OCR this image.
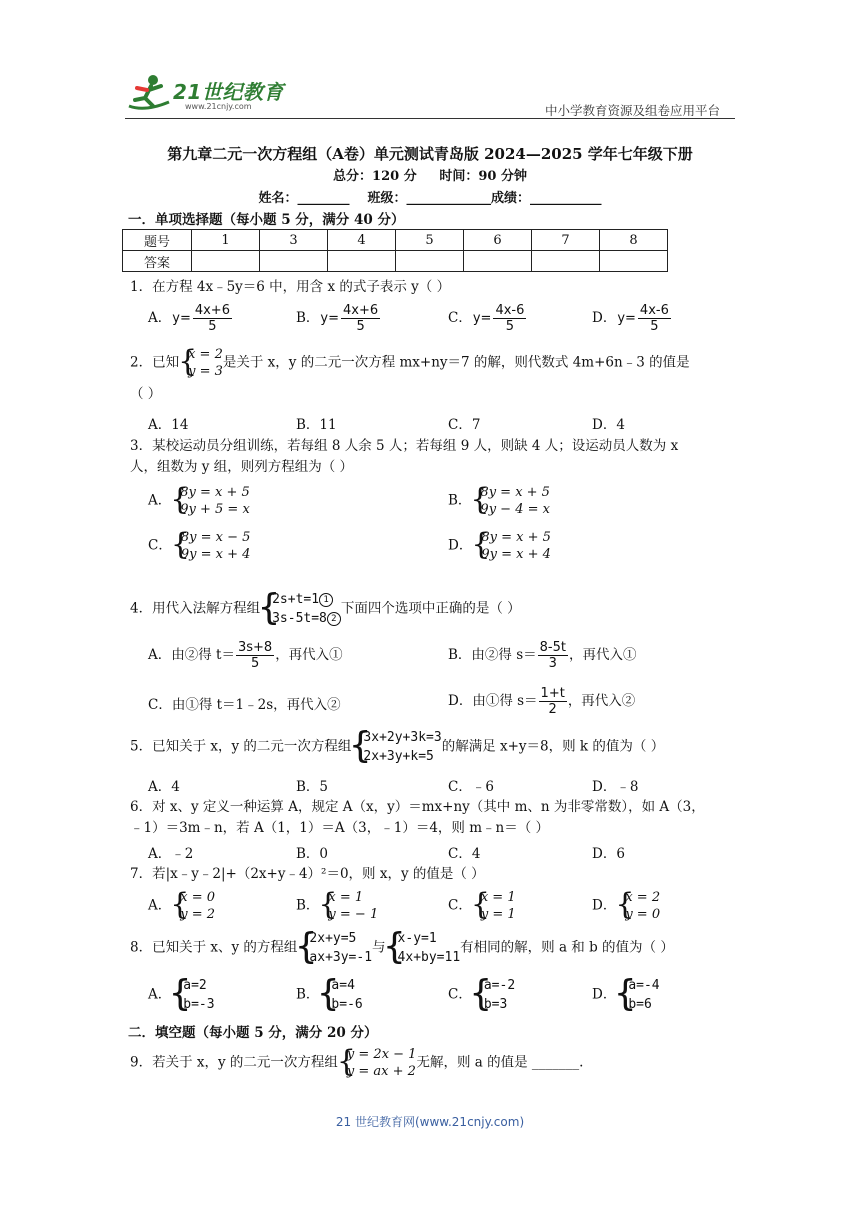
21世纪教育
www.21cnjy.com	中小学教育资源及组卷应用平台
第九章二元一次方程组（A卷）单元测试青岛版 2024—2025 学年七年级下册
总分：120 分     时间：90 分钟
姓名：________    班级：_____________成绩：___________
一．单项选择题（每小题 5 分，满分 40 分）
题号	1	3	4	5	6	7	8
答案							
1．在方程 4x﹣5y＝6 中，用含 x 的式子表示 y（ ）
A．$y= \frac{4x+6}{5}$	B．$y= \frac{4x+6}{5}$	C．$y= \frac{4x-6}{5}$	D．$y= \frac{4x-6}{5}$
2．已知 { x = 2
y = 3
是关于 x，y 的二元一次方程 mx+ny＝7 的解，则代数式 4m+6n﹣3 的值是
（ ）
A．14	B．11	C．7	D．4
3．某校运动员分组训练，若每组 8 人余 5 人；若每组 9 人，则缺 4 人；设运动员人数为 x
人，组数为 y 组，则列方程组为（ ）
A． { 8y = x + 5
9y + 5 = x
B． { 8y = x + 5
9y − 4 = x
C． { 8y = x − 5
9y = x + 4
D． { 8y = x + 5
9y = x + 4
4．用代入法解方程组
{ 2s+t=1 1
3s-5t=8 2
下面四个选项中正确的是（ ）
A．由②得 $t= \frac{3s+8}{5}$ ，再代入①	B．由②得 $s= \frac{8-5t}{3}$ ，再代入①
C．由①得 t＝1﹣2s，再代入②	D．由①得 $s= \frac{1+t}{2}$ ，再代入②
5．已知关于 x，y 的二元一次方程组
{ 3x+2y+3k=3
2x+3y+k=5
的解满足 x+y＝8，则 k 的值为（ ）
A．4	B．5	C．﹣6	D．﹣8
6．对 x、y 定义一种运算 A，规定 A（x，y）＝mx+ny（其中 m、n 为非零常数），如 A（3，
﹣1）＝3m﹣n，若 A（1，1）＝A（3，﹣1）＝4，则 m﹣n＝（ ）
A．﹣2	B．0	C．4	D．6
7．若|x﹣y﹣2|+（2x+y﹣4）²＝0，则 x，y 的值是（ ）
A． { x = 0
y = 2
B． { x = 1
y = − 1
C． { x = 1
y = 1
D． { x = 2
y = 0
8．已知关于 x、y 的方程组
{ 2x+y=5
ax+3y=-1
与
{ x-y=1
4x+by=11
有相同的解，则 a 和 b 的值为（ ）
A．
{ a=2
b=-3
B．
{ a=4
b=-6
C．
{ a=-2
b=3
D．
{ a=-4
b=6
二．填空题（每小题 5 分，满分 20 分）
9．若关于 x，y 的二元一次方程组 { y = 2x − 1
y = ax + 2
无解，则 a 的值是 _______.
21 世纪教育网(www.21cnjy.com)
